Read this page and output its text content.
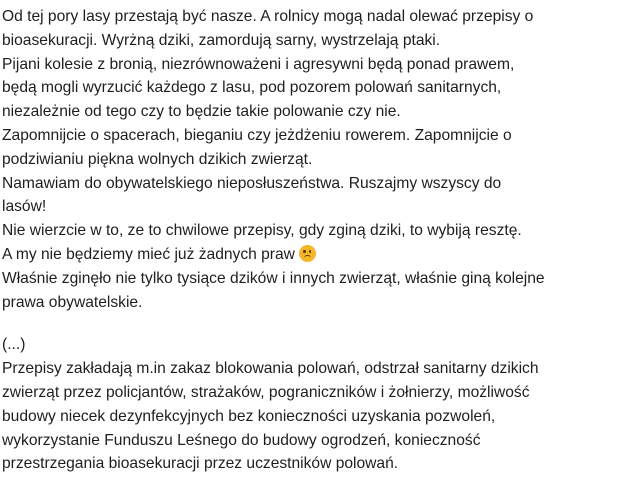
Od tej pory lasy przestają być nasze. A rolnicy mogą nadal olewać przepisy o
bioasekuracji. Wyrżną dziki, zamordują sarny, wystrzelają ptaki.
Pijani kolesie z bronią, niezrównoważeni i agresywni będą ponad prawem,
będą mogli wyrzucić każdego z lasu, pod pozorem polowań sanitarnych,
niezależnie od tego czy to będzie takie polowanie czy nie.
Zapomnijcie o spacerach, bieganiu czy jeżdżeniu rowerem. Zapomnijcie o
podziwianiu piękna wolnych dzikich zwierząt.
Namawiam do obywatelskiego nieposłuszeństwa. Ruszajmy wszyscy do
lasów!
Nie wierzcie w to, ze to chwilowe przepisy, gdy zginą dziki, to wybiją resztę.
A my nie będziemy mieć już żadnych praw
Właśnie zginęło nie tylko tysiące dzików i innych zwierząt, właśnie giną kolejne
prawa obywatelskie.
(...)
Przepisy zakładają m.in zakaz blokowania polowań, odstrzał sanitarny dzikich
zwierząt przez policjantów, strażaków, pograniczników i żołnierzy, możliwość
budowy niecek dezynfekcyjnych bez konieczności uzyskania pozwoleń,
wykorzystanie Funduszu Leśnego do budowy ogrodzeń, konieczność
przestrzegania bioasekuracji przez uczestników polowań.
